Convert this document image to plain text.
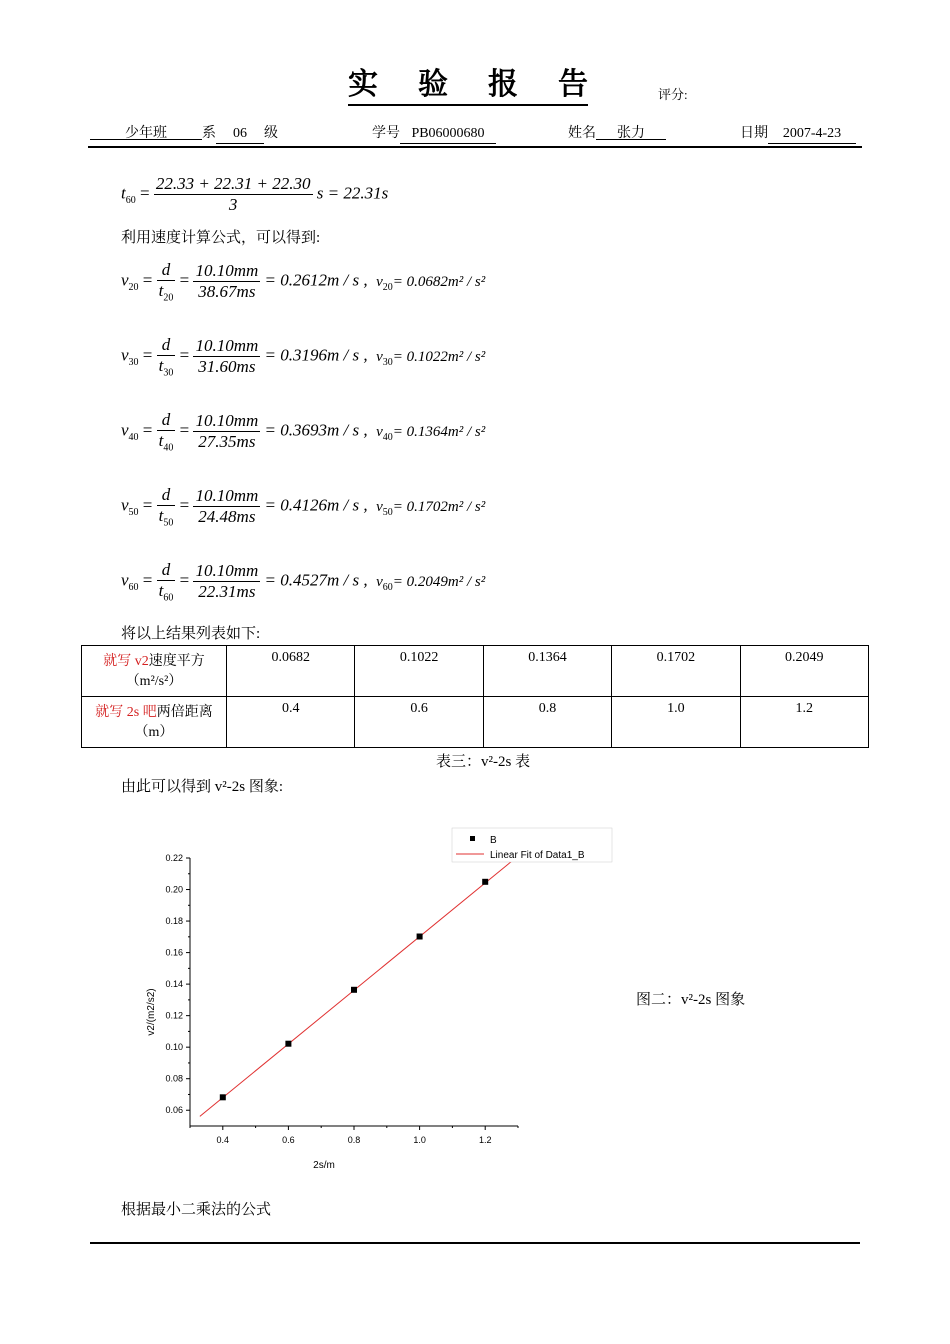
实 验 报 告	评分:
少年班	系 06 级	学号 PB06000680	姓名 张力	日期 2007-4-23
$t_{60} = \frac{22.33 + 22.31 + 22.30}{3}$ s = 22.31s
利用速度计算公式，可以得到:
$v_{20} = \frac{d}{t_{20}} = \frac{10.10mm}{38.67ms} = 0.2612m / s$ , $v_{20}= 0.0682m^2 / s^2$
$v_{30} = \frac{d}{t_{30}} = \frac{10.10mm}{31.60ms} = 0.3196m / s$ , $v_{30}= 0.1022m^2 / s^2$
$v_{40} = \frac{d}{t_{40}} = \frac{10.10mm}{27.35ms} = 0.3693m / s$ , $v_{40}= 0.1364m^2 / s^2$
$v_{50} = \frac{d}{t_{50}} = \frac{10.10mm}{24.48ms} = 0.4126m / s$ , $v_{50}= 0.1702m^2 / s^2$
$v_{60} = \frac{d}{t_{60}} = \frac{10.10mm}{22.31ms} = 0.4527m / s$ , $v_{60}= 0.2049m^2 / s^2$
将以上结果列表如下:
就写 v2速度平方
（m²/s²）	0.0682	0.1022	0.1364	0.1702	0.2049
就写 2s 吧两倍距离（m）	0.4	0.6	0.8	1.0	1.2
表三：v²-2s 表
由此可以得到 v²-2s 图象:
0.06
0.08
0.10
0.12
0.14
0.16
0.18
0.20
0.22
0.4	0.6	0.8	1.0	1.2
2s/m
v2/(m2/s2)
B
Linear Fit of Data1_B
图二：v²-2s 图象
根据最小二乘法的公式
